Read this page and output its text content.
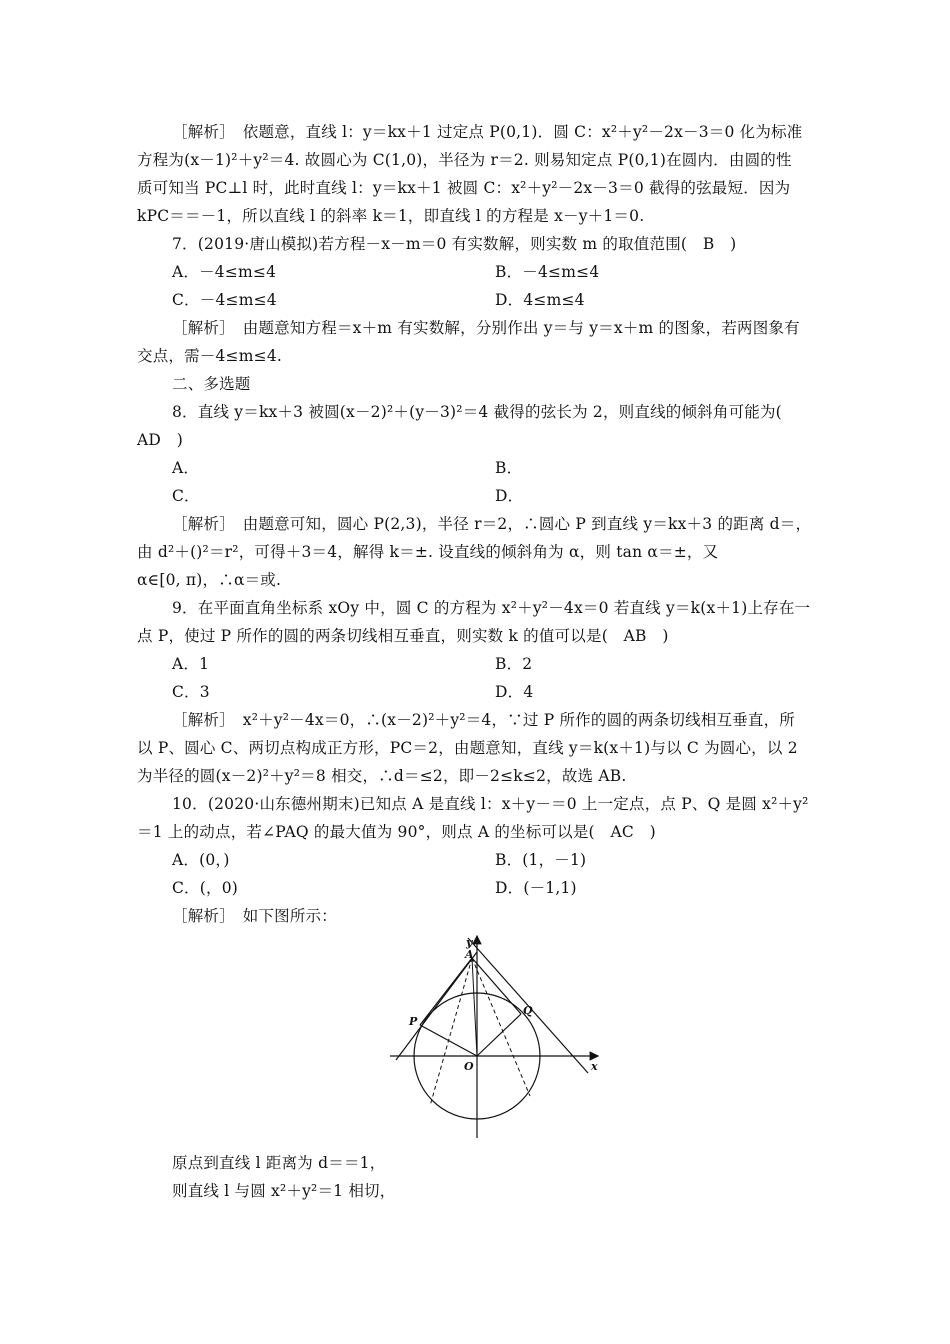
［解析］　依题意，直线 l：y＝kx＋1 过定点 P(0,1)．圆 C：x²＋y²－2x－3＝0 化为标准
方程为(x－1)²＋y²＝4. 故圆心为 C(1,0)，半径为 r＝2. 则易知定点 P(0,1)在圆内．由圆的性
质可知当 PC⊥l 时，此时直线 l：y＝kx＋1 被圆 C：x²＋y²－2x－3＝0 截得的弦最短．因为
kPC＝＝－1，所以直线 l 的斜率 k＝1，即直线 l 的方程是 x－y＋1＝0.
7．(2019·唐山模拟)若方程－x－m＝0 有实数解，则实数 m 的取值范围(　B　)
A．－4≤m≤4	B．－4≤m≤4
C．－4≤m≤4	D．4≤m≤4
［解析］　由题意知方程＝x＋m 有实数解，分别作出 y＝与 y＝x＋m 的图象，若两图象有
交点，需－4≤m≤4.
二、多选题
8．直线 y＝kx＋3 被圆(x－2)²＋(y－3)²＝4 截得的弦长为 2，则直线的倾斜角可能为(
AD　)
A．	B．
C．	D．
［解析］　由题意可知，圆心 P(2,3)，半径 r＝2，∴圆心 P 到直线 y＝kx＋3 的距离 d＝，
由 d²＋()²＝r²，可得＋3＝4，解得 k＝±. 设直线的倾斜角为 α，则 tan α＝±，又
α∈[0, π)，∴α＝或.
9．在平面直角坐标系 xOy 中，圆 C 的方程为 x²＋y²－4x＝0 若直线 y＝k(x＋1)上存在一
点 P，使过 P 所作的圆的两条切线相互垂直，则实数 k 的值可以是(　AB　)
A．1	B．2
C．3	D．4
［解析］　x²＋y²－4x＝0，∴(x－2)²＋y²＝4，∵过 P 所作的圆的两条切线相互垂直，所
以 P、圆心 C、两切点构成正方形，PC＝2，由题意知，直线 y＝k(x＋1)与以 C 为圆心，以 2
为半径的圆(x－2)²＋y²＝8 相交，∴d＝≤2，即－2≤k≤2，故选 AB.
10．(2020·山东德州期末)已知点 A 是直线 l：x＋y－＝0 上一定点，点 P、Q 是圆 x²＋y²
＝1 上的动点，若∠PAQ 的最大值为 90°，则点 A 的坐标可以是(　AC　)
A．(0，)	B．(1，－1)
C．(，0)	D．(－1,1)
［解析］　如下图所示：
y
x
A
P
Q
O
原点到直线 l 距离为 d＝＝1，
则直线 l 与圆 x²＋y²＝1 相切，
